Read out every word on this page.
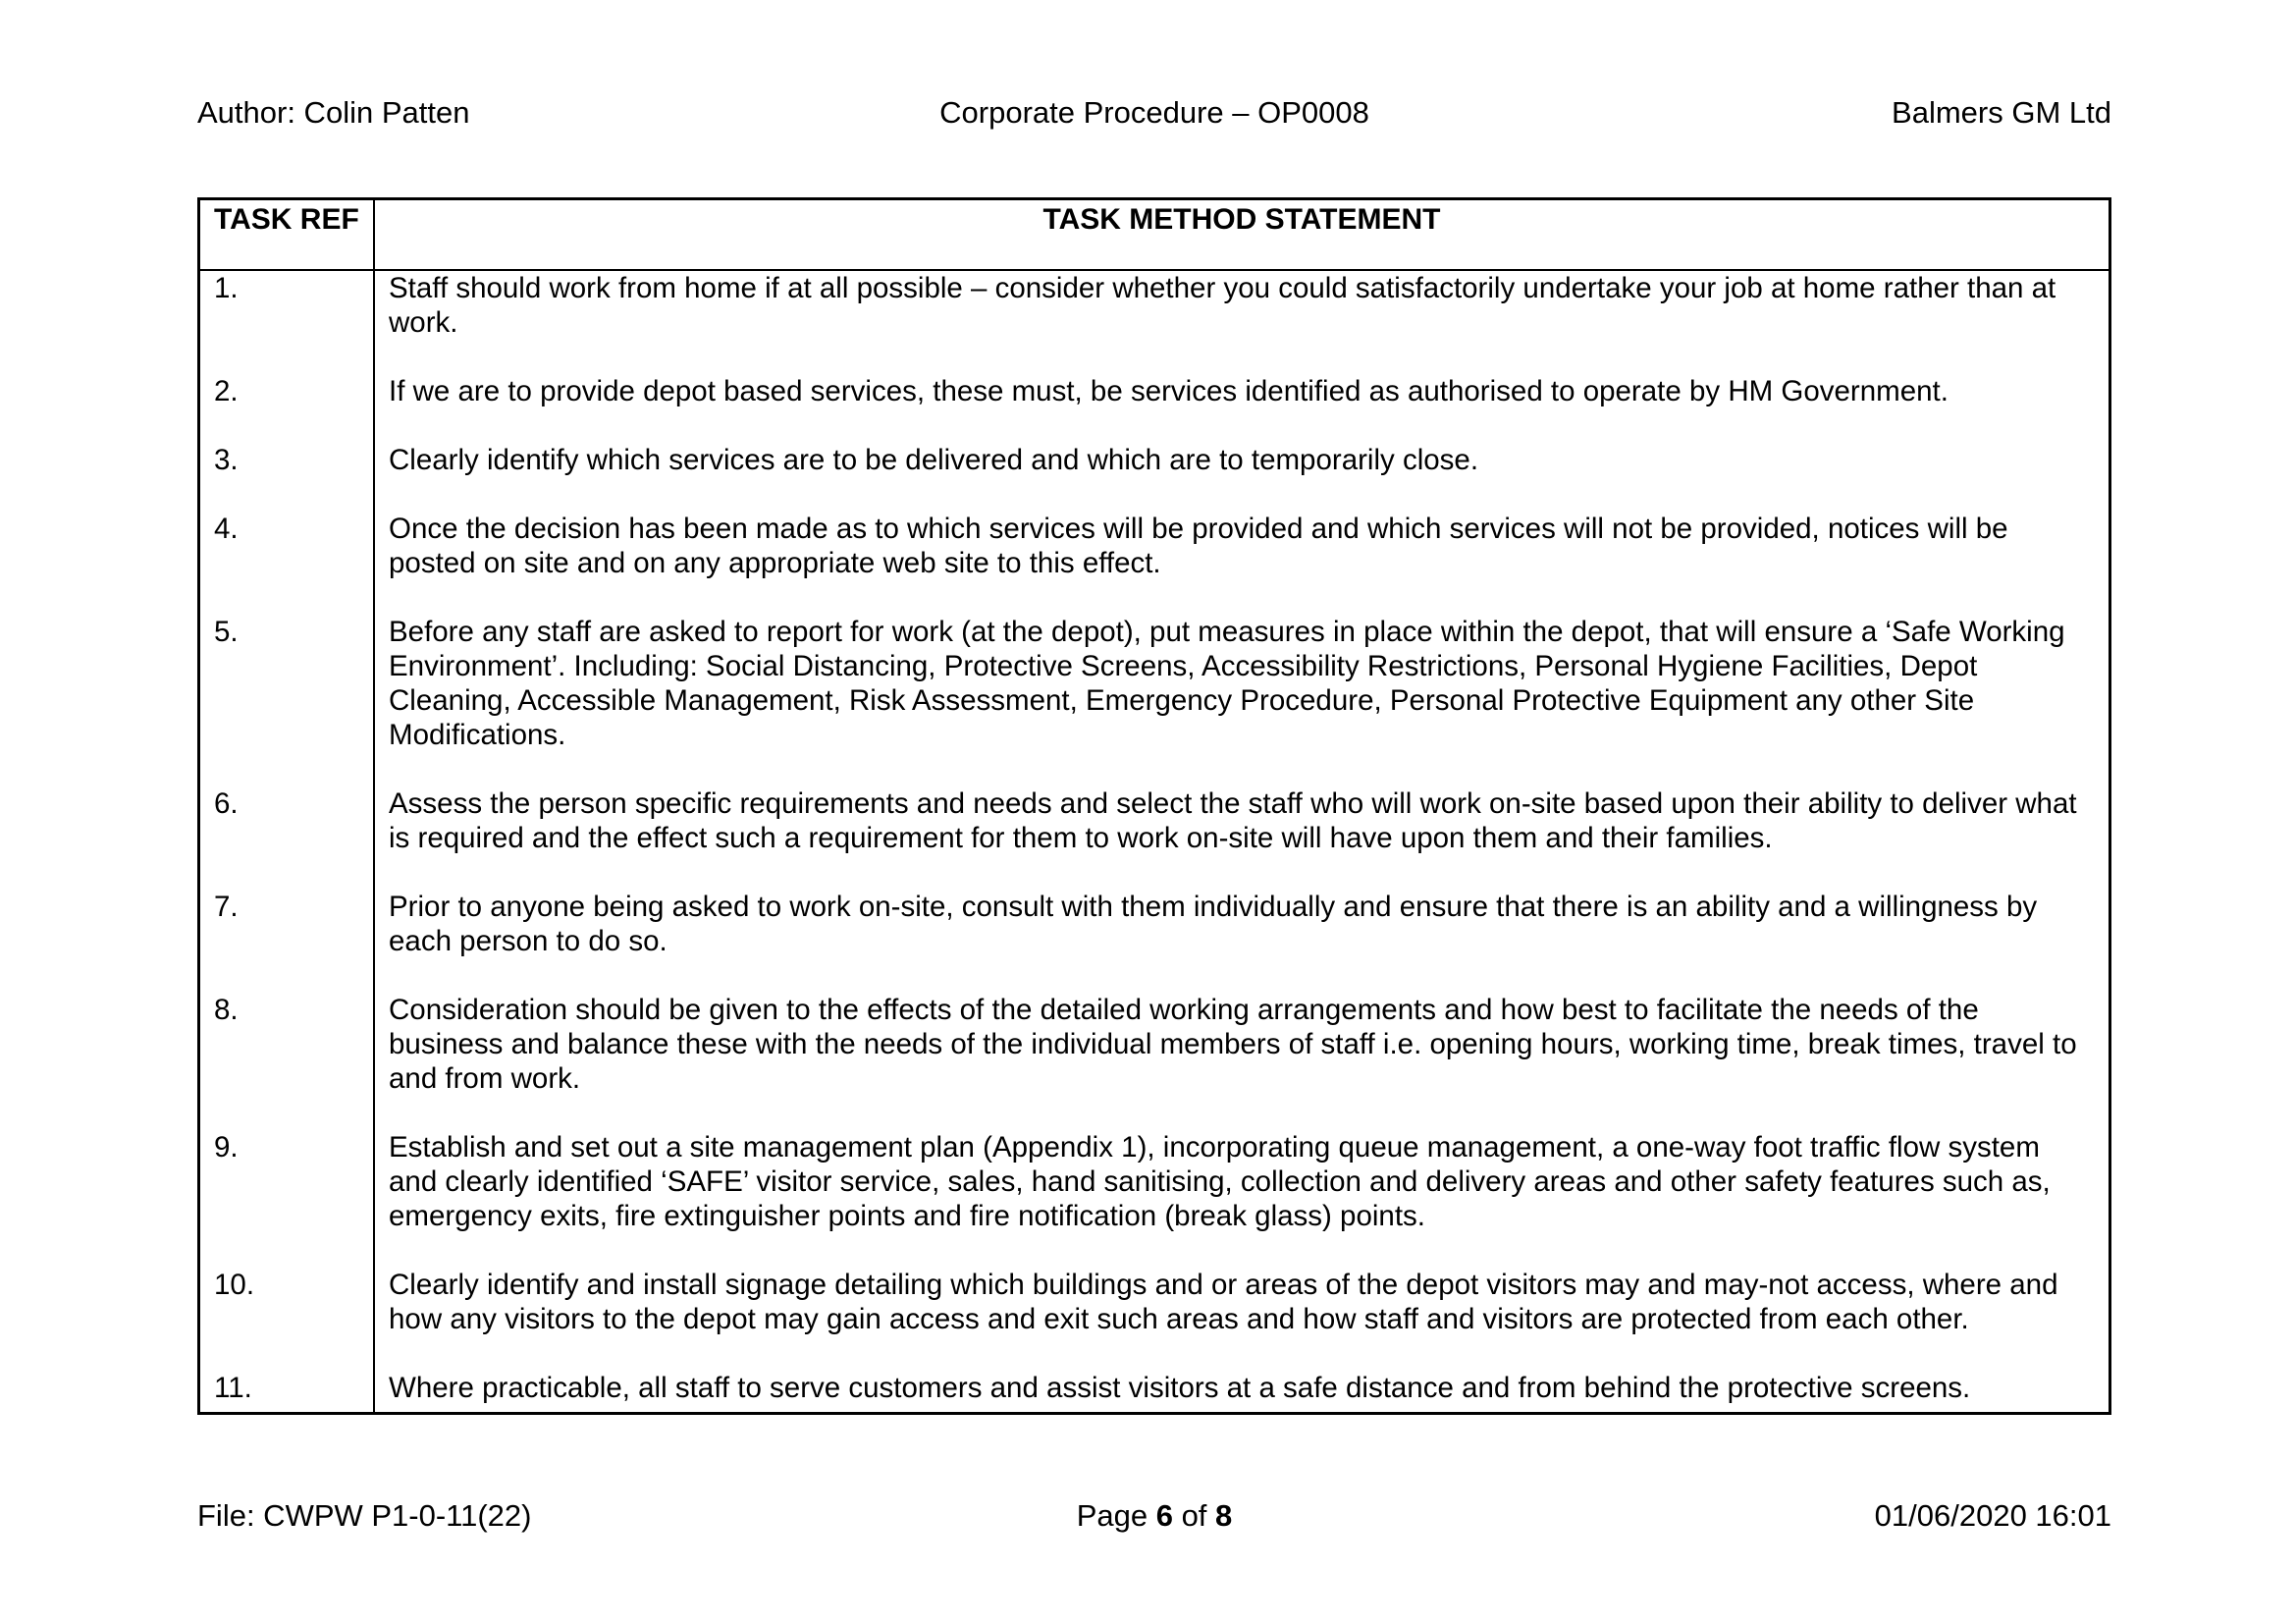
Author: Colin Patten	Corporate Procedure – OP0008	Balmers GM Ltd
TASK REF	TASK METHOD STATEMENT
1.	Staff should work from home if at all possible – consider whether you could satisfactorily undertake your job at home rather than at work.
2.	If we are to provide depot based services, these must, be services identified as authorised to operate by HM Government.
3.	Clearly identify which services are to be delivered and which are to temporarily close.
4.	Once the decision has been made as to which services will be provided and which services will not be provided, notices will be posted on site and on any appropriate web site to this effect.
5.	Before any staff are asked to report for work (at the depot), put measures in place within the depot, that will ensure a ‘Safe Working Environment’. Including: Social Distancing, Protective Screens, Accessibility Restrictions, Personal Hygiene Facilities, Depot Cleaning, Accessible Management, Risk Assessment, Emergency Procedure, Personal Protective Equipment any other Site Modifications.
6.	Assess the person specific requirements and needs and select the staff who will work on-site based upon their ability to deliver what is required and the effect such a requirement for them to work on-site will have upon them and their families.
7.	Prior to anyone being asked to work on-site, consult with them individually and ensure that there is an ability and a willingness by each person to do so.
8.	Consideration should be given to the effects of the detailed working arrangements and how best to facilitate the needs of the business and balance these with the needs of the individual members of staff i.e. opening hours, working time, break times, travel to and from work.
9.	Establish and set out a site management plan (Appendix 1), incorporating queue management, a one-way foot traffic flow system and clearly identified ‘SAFE’ visitor service, sales, hand sanitising, collection and delivery areas and other safety features such as, emergency exits, fire extinguisher points and fire notification (break glass) points.
10.	Clearly identify and install signage detailing which buildings and or areas of the depot visitors may and may-not access, where and how any visitors to the depot may gain access and exit such areas and how staff and visitors are protected from each other.
11.	Where practicable, all staff to serve customers and assist visitors at a safe distance and from behind the protective screens.
File: CWPW P1-0-11(22)	Page 6 of 8	01/06/2020 16:01
